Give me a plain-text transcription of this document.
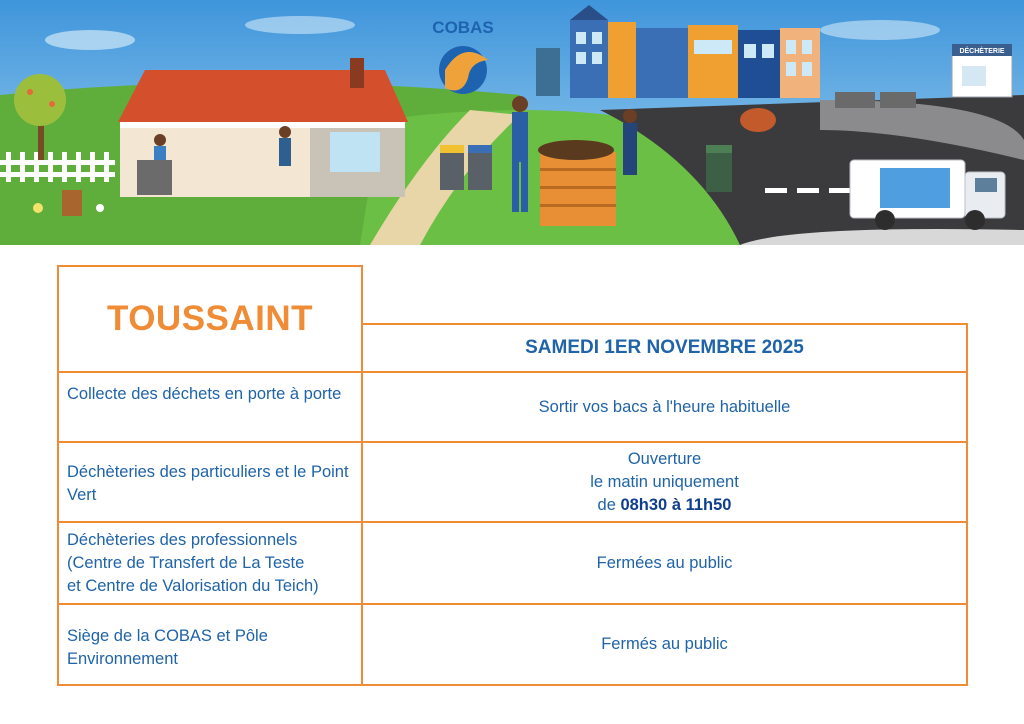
COBAS
DÉCHÈTERIE
TOUSSAINT
SAMEDI 1ER NOVEMBRE 2025
Collecte des déchets en porte à porte
Sortir vos bacs à l'heure habituelle
Déchèteries des particuliers et le Point Vert
Ouverture
le matin uniquement
de 08h30 à 11h50
Déchèteries des professionnels
(Centre de Transfert de La Teste
et Centre de Valorisation du Teich)
Fermées au public
Siège de la COBAS et Pôle Environnement
Fermés au public
